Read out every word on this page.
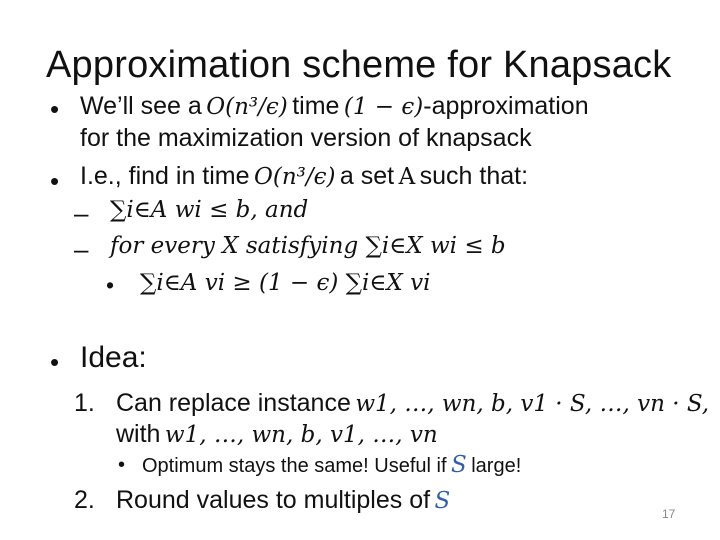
Approximation scheme for Knapsack
• We’ll see a O(n³/ϵ) time (1 − ϵ)-approximation
for the maximization version of knapsack
• I.e., find in time O(n³/ϵ) a set A such that:
– ∑i∈A wi ≤ b, and
– for every X satisfying ∑i∈X wi ≤ b
• ∑i∈A vi ≥ (1 − ϵ) ∑i∈X vi
• Idea:
1. Can replace instance w1, …, wn, b, v1 · S, …, vn · S,
with w1, …, wn, b, v1, …, vn
• Optimum stays the same! Useful if S large!
2. Round values to multiples of S	17
